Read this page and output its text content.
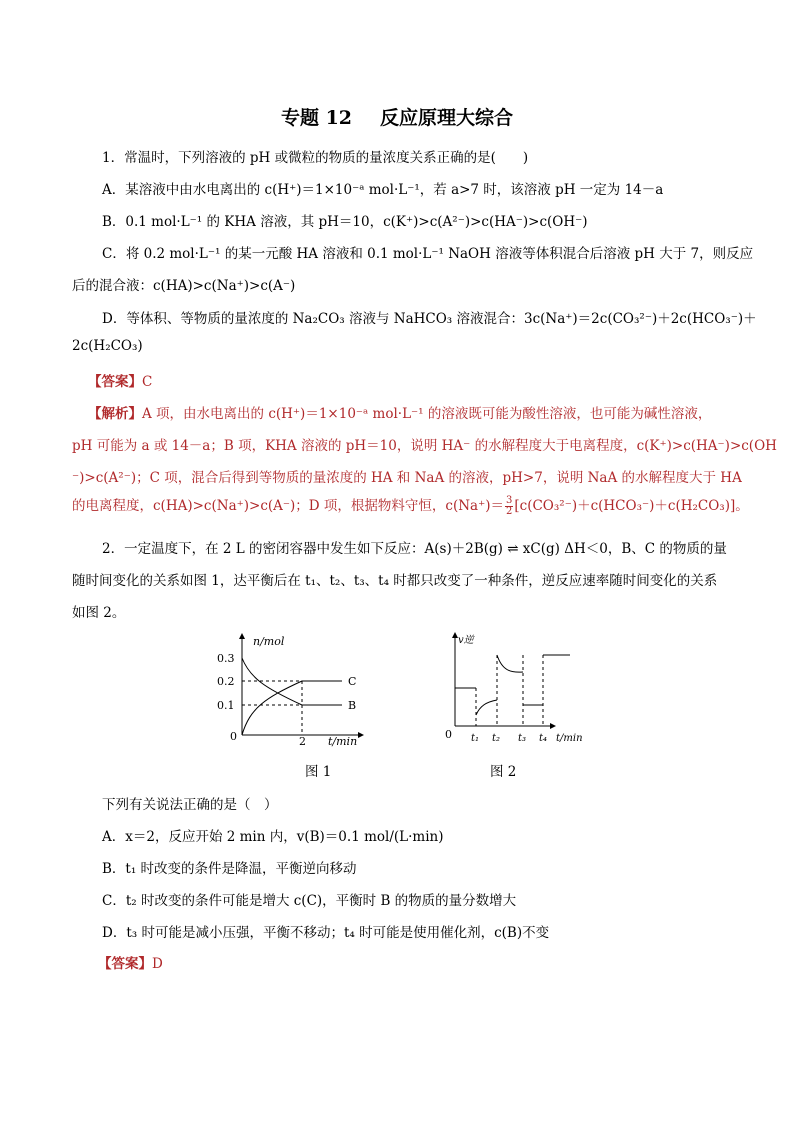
专题 12 反应原理大综合
1．常温时，下列溶液的 pH 或微粒的物质的量浓度关系正确的是(　　)
A．某溶液中由水电离出的 c(H⁺)＝1×10⁻ᵃ mol·L⁻¹，若 a>7 时，该溶液 pH 一定为 14－a
B．0.1 mol·L⁻¹ 的 KHA 溶液，其 pH＝10，c(K⁺)>c(A²⁻)>c(HA⁻)>c(OH⁻)
C．将 0.2 mol·L⁻¹ 的某一元酸 HA 溶液和 0.1 mol·L⁻¹ NaOH 溶液等体积混合后溶液 pH 大于 7，则反应
后的混合液：c(HA)>c(Na⁺)>c(A⁻)
D．等体积、等物质的量浓度的 Na₂CO₃ 溶液与 NaHCO₃ 溶液混合：3c(Na⁺)＝2c(CO₃²⁻)＋2c(HCO₃⁻)＋
2c(H₂CO₃)
【答案】C
【解析】A 项，由水电离出的 c(H⁺)＝1×10⁻ᵃ mol·L⁻¹ 的溶液既可能为酸性溶液，也可能为碱性溶液，
pH 可能为 a 或 14－a；B 项，KHA 溶液的 pH＝10，说明 HA⁻ 的水解程度大于电离程度，c(K⁺)>c(HA⁻)>c(OH
⁻)>c(A²⁻)；C 项，混合后得到等物质的量浓度的 HA 和 NaA 的溶液，pH>7，说明 NaA 的水解程度大于 HA
的电离程度，c(HA)>c(Na⁺)>c(A⁻)；D 项，根据物料守恒，$c(Na^+)= \frac{3}{2} [c(CO_3^{2-})+c(HCO_3^-)+c(H_2CO_3)]$。
2．一定温度下，在 2 L 的密闭容器中发生如下反应：A(s)＋2B(g) ⇌ xC(g) ΔH＜0，B、C 的物质的量
随时间变化的关系如图 1，达平衡后在 t₁、t₂、t₃、t₄ 时都只改变了一种条件，逆反应速率随时间变化的关系
如图 2。
n/mol
0.3
0.2
0.1
0	2 t/min
C
B
v逆
0 t₁ t₂ t₃ t₄ t/min
图 1	图 2
下列有关说法正确的是（　）
A．x＝2，反应开始 2 min 内，v(B)＝0.1 mol/(L·min)
B．t₁ 时改变的条件是降温，平衡逆向移动
C．t₂ 时改变的条件可能是增大 c(C)，平衡时 B 的物质的量分数增大
D．t₃ 时可能是减小压强，平衡不移动；t₄ 时可能是使用催化剂，c(B)不变
【答案】D
